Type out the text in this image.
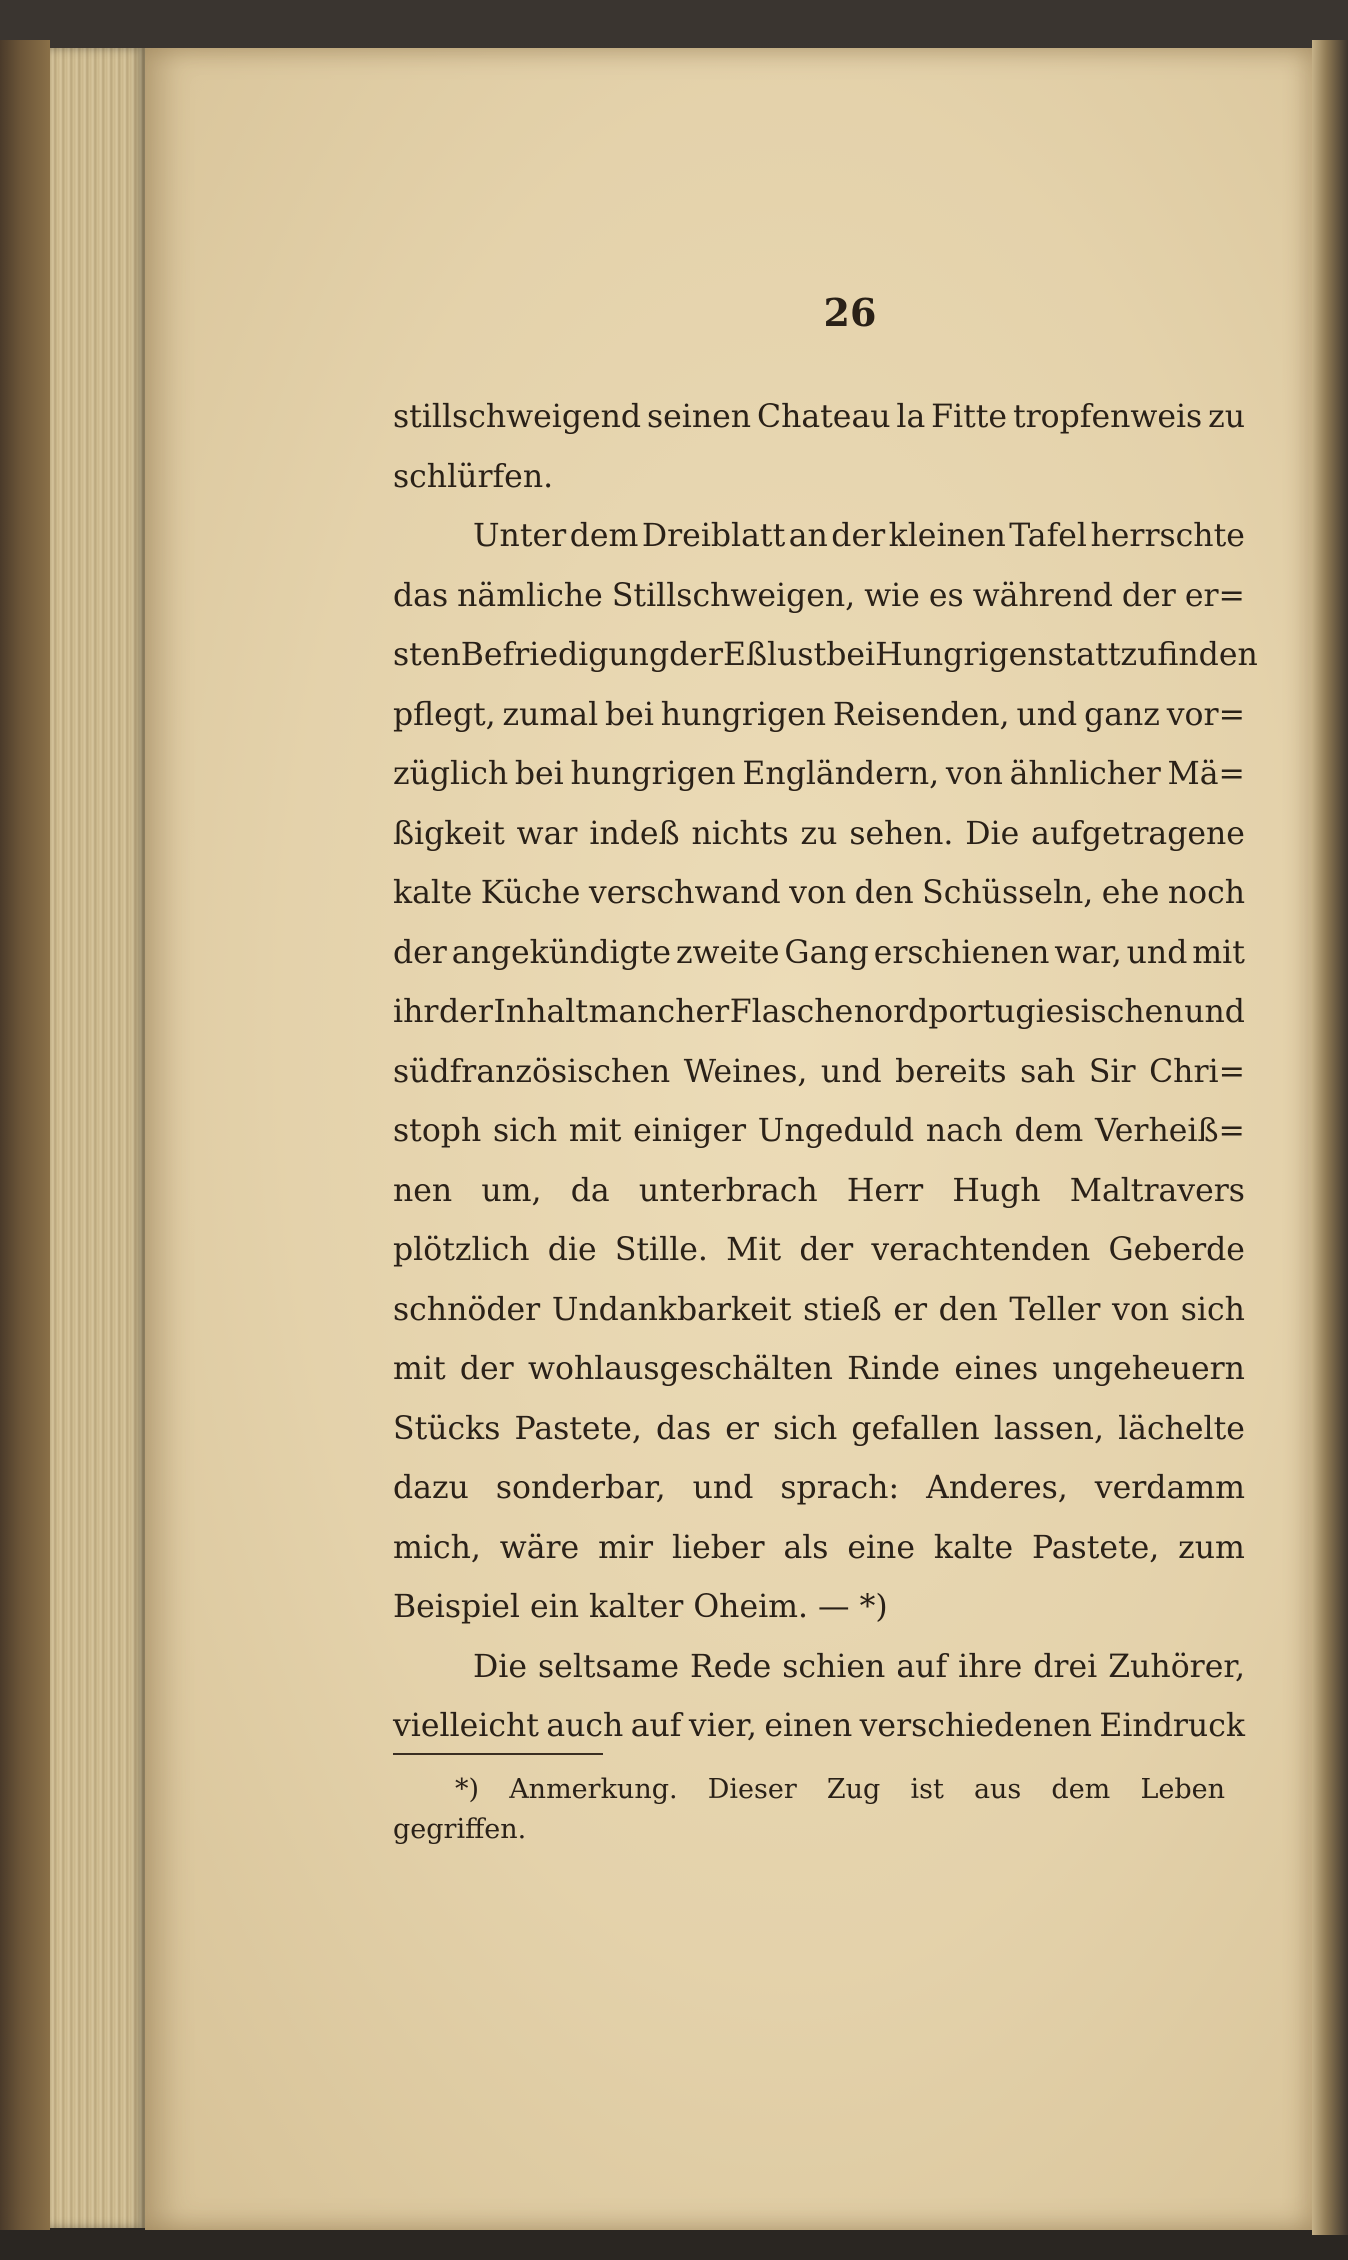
26
stillschweigend seinen Chateau la Fitte tropfenweis zu
schlürfen.
Unter dem Dreiblatt an der kleinen Tafel herrschte
das nämliche Stillschweigen, wie es während der er=
sten Befriedigung der Eßlust bei Hungrigen stattzufinden
pflegt, zumal bei hungrigen Reisenden, und ganz vor=
züglich bei hungrigen Engländern, von ähnlicher Mä=
ßigkeit war indeß nichts zu sehen. Die aufgetragene
kalte Küche verschwand von den Schüsseln, ehe noch
der angekündigte zweite Gang erschienen war, und mit
ihr der Inhalt mancher Flasche nordportugiesischen und
südfranzösischen Weines, und bereits sah Sir Chri=
stoph sich mit einiger Ungeduld nach dem Verheiß=
nen um, da unterbrach Herr Hugh Maltravers
plötzlich die Stille. Mit der verachtenden Geberde
schnöder Undankbarkeit stieß er den Teller von sich
mit der wohlausgeschälten Rinde eines ungeheuern
Stücks Pastete, das er sich gefallen lassen, lächelte
dazu sonderbar, und sprach: Anderes, verdamm
mich, wäre mir lieber als eine kalte Pastete, zum
Beispiel ein kalter Oheim. — *)
Die seltsame Rede schien auf ihre drei Zuhörer,
vielleicht auch auf vier, einen verschiedenen Eindruck
*) Anmerkung. Dieser Zug ist aus dem Leben
gegriffen.
